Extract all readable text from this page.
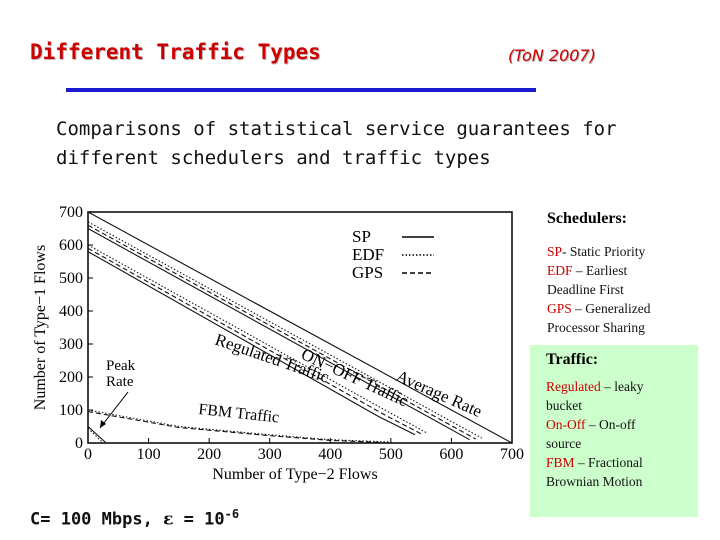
Different Traffic Types	(ToN 2007)
Comparisons of statistical service guarantees for
different schedulers and traffic types
0	100 200 300 400 500 600 700
0
100
200
300
400
500
600
700
Number of Type−2 Flows
Number of Type−1 Flows
SP
EDF
GPS
Peak Rate	Regulated Traffic
ON−OFF Traffic
Average Rate
FBM Traffic
Schedulers:
SP- Static Priority
EDF – Earliest
Deadline First
GPS – Generalized
Processor Sharing
Traffic:
Regulated – leaky
bucket
On-Off – On-off
source
FBM – Fractional
Brownian Motion
C= 100 Mbps, $\varepsilon = 10^{-6}$
